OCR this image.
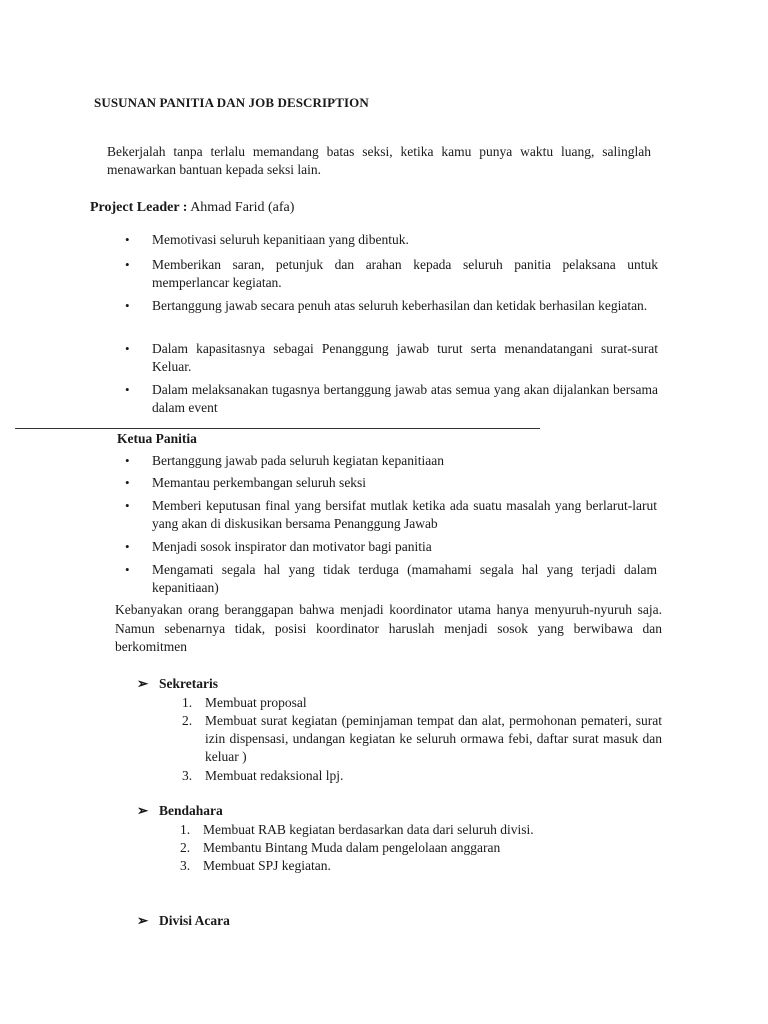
SUSUNAN PANITIA DAN JOB DESCRIPTION
Bekerjalah tanpa terlalu memandang batas seksi, ketika kamu punya waktu luang, salinglah menawarkan bantuan kepada seksi lain.
Project Leader : Ahmad Farid (afa)
• Memotivasi seluruh kepanitiaan yang dibentuk.
• Memberikan saran, petunjuk dan arahan kepada seluruh panitia pelaksana untuk memperlancar kegiatan.
• Bertanggung jawab secara penuh atas seluruh keberhasilan dan ketidak berhasilan kegiatan.
• Dalam kapasitasnya sebagai Penanggung jawab turut serta menandatangani surat-surat Keluar.
• Dalam melaksanakan tugasnya bertanggung jawab atas semua yang akan dijalankan bersama dalam event
Ketua Panitia
• Bertanggung jawab pada seluruh kegiatan kepanitiaan
• Memantau perkembangan seluruh seksi
• Memberi keputusan final yang bersifat mutlak ketika ada suatu masalah yang berlarut-larut yang akan di diskusikan bersama Penanggung Jawab
• Menjadi sosok inspirator dan motivator bagi panitia
• Mengamati segala hal yang tidak terduga (mamahami segala hal yang terjadi dalam kepanitiaan)
Kebanyakan orang beranggapan bahwa menjadi koordinator utama hanya menyuruh-nyuruh saja. Namun sebenarnya tidak, posisi koordinator haruslah menjadi sosok yang berwibawa dan berkomitmen
➢ Sekretaris
1. Membuat proposal
2. Membuat surat kegiatan (peminjaman tempat dan alat, permohonan pemateri, surat izin dispensasi, undangan kegiatan ke seluruh ormawa febi, daftar surat masuk dan keluar )
3. Membuat redaksional lpj.
➢ Bendahara
1. Membuat RAB kegiatan berdasarkan data dari seluruh divisi.
2. Membantu Bintang Muda dalam pengelolaan anggaran
3. Membuat SPJ kegiatan.
➢ Divisi Acara
